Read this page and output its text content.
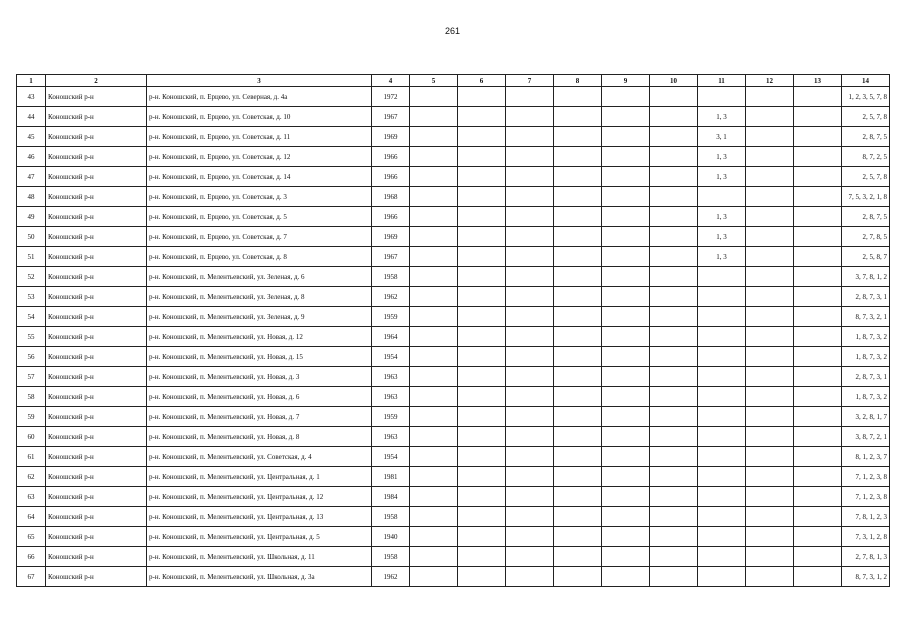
261
1	2	3	4	5	6	7	8	9	10	11	12	13	14
43	Коношский р-н	р-н. Коношский, п. Ерцево, ул. Северная, д. 4а	1972										1, 2, 3, 5, 7, 8
44	Коношский р-н	р-н. Коношский, п. Ерцево, ул. Советская, д. 10	1967							1, 3			2, 5, 7, 8
45	Коношский р-н	р-н. Коношский, п. Ерцево, ул. Советская, д. 11	1969							3, 1			2, 8, 7, 5
46	Коношский р-н	р-н. Коношский, п. Ерцево, ул. Советская, д. 12	1966							1, 3			8, 7, 2, 5
47	Коношский р-н	р-н. Коношский, п. Ерцево, ул. Советская, д. 14	1966							1, 3			2, 5, 7, 8
48	Коношский р-н	р-н. Коношский, п. Ерцево, ул. Советская, д. 3	1968										7, 5, 3, 2, 1, 8
49	Коношский р-н	р-н. Коношский, п. Ерцево, ул. Советская, д. 5	1966							1, 3			2, 8, 7, 5
50	Коношский р-н	р-н. Коношский, п. Ерцево, ул. Советская, д. 7	1969							1, 3			2, 7, 8, 5
51	Коношский р-н	р-н. Коношский, п. Ерцево, ул. Советская, д. 8	1967							1, 3			2, 5, 8, 7
52	Коношский р-н	р-н. Коношский, п. Мелентьевский, ул. Зеленая, д. 6	1958										3, 7, 8, 1, 2
53	Коношский р-н	р-н. Коношский, п. Мелентьевский, ул. Зеленая, д. 8	1962										2, 8, 7, 3, 1
54	Коношский р-н	р-н. Коношский, п. Мелентьевский, ул. Зеленая, д. 9	1959										8, 7, 3, 2, 1
55	Коношский р-н	р-н. Коношский, п. Мелентьевский, ул. Новая, д. 12	1964										1, 8, 7, 3, 2
56	Коношский р-н	р-н. Коношский, п. Мелентьевский, ул. Новая, д. 15	1954										1, 8, 7, 3, 2
57	Коношский р-н	р-н. Коношский, п. Мелентьевский, ул. Новая, д. 3	1963										2, 8, 7, 3, 1
58	Коношский р-н	р-н. Коношский, п. Мелентьевский, ул. Новая, д. 6	1963										1, 8, 7, 3, 2
59	Коношский р-н	р-н. Коношский, п. Мелентьевский, ул. Новая, д. 7	1959										3, 2, 8, 1, 7
60	Коношский р-н	р-н. Коношский, п. Мелентьевский, ул. Новая, д. 8	1963										3, 8, 7, 2, 1
61	Коношский р-н	р-н. Коношский, п. Мелентьевский, ул. Советская, д. 4	1954										8, 1, 2, 3, 7
62	Коношский р-н	р-н. Коношский, п. Мелентьевский, ул. Центральная, д. 1	1981										7, 1, 2, 3, 8
63	Коношский р-н	р-н. Коношский, п. Мелентьевский, ул. Центральная, д. 12	1984										7, 1, 2, 3, 8
64	Коношский р-н	р-н. Коношский, п. Мелентьевский, ул. Центральная, д. 13	1958										7, 8, 1, 2, 3
65	Коношский р-н	р-н. Коношский, п. Мелентьевский, ул. Центральная, д. 5	1940										7, 3, 1, 2, 8
66	Коношский р-н	р-н. Коношский, п. Мелентьевский, ул. Школьная, д. 11	1958										2, 7, 8, 1, 3
67	Коношский р-н	р-н. Коношский, п. Мелентьевский, ул. Школьная, д. 3а	1962										8, 7, 3, 1, 2
